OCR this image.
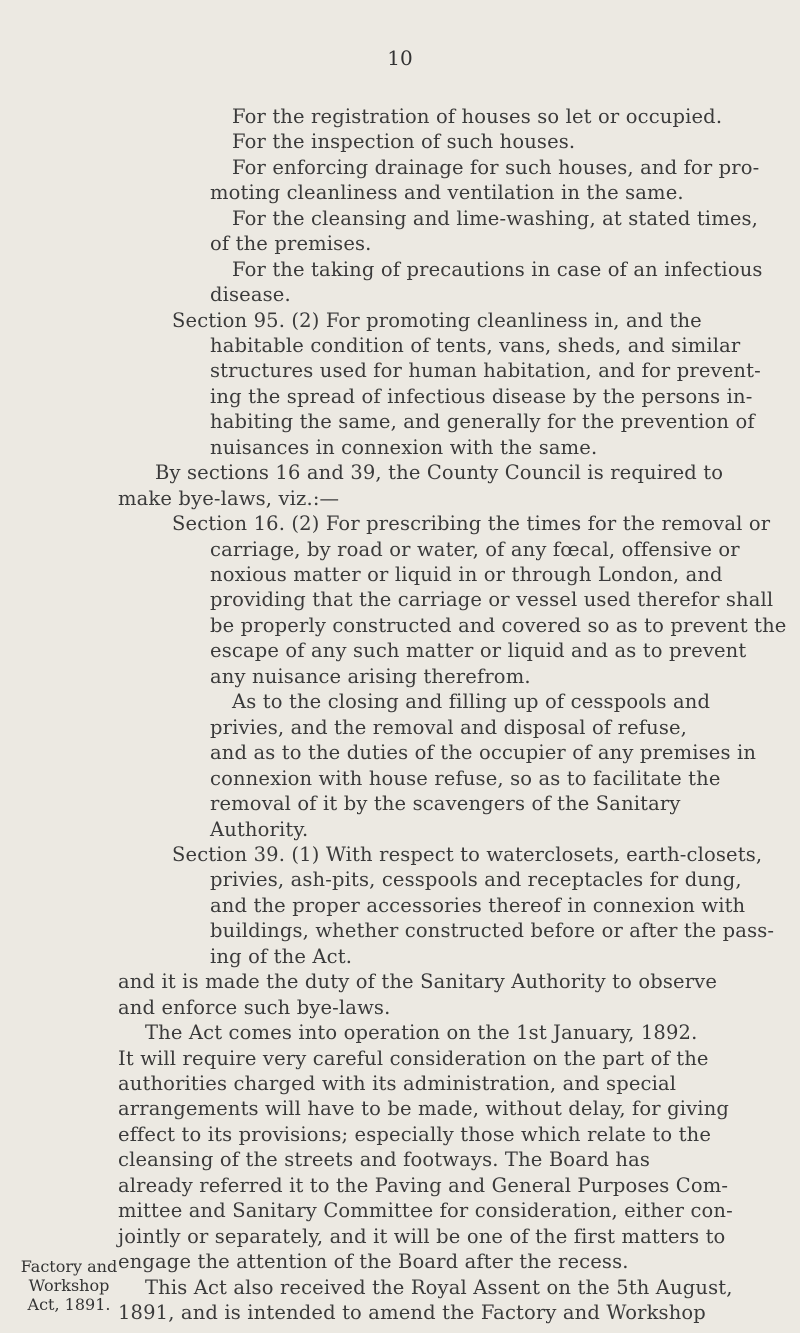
10
For the registration of houses so let or occupied.
For the inspection of such houses.
For enforcing drainage for such houses, and for pro-
moting cleanliness and ventilation in the same.
For the cleansing and lime-washing, at stated times,
of the premises.
For the taking of precautions in case of an infectious
disease.
Section 95. (2) For promoting cleanliness in, and the
habitable condition of tents, vans, sheds, and similar
structures used for human habitation, and for prevent-
ing the spread of infectious disease by the persons in-
habiting the same, and generally for the prevention of
nuisances in connexion with the same.
By sections 16 and 39, the County Council is required to
make bye-laws, viz.:—
Section 16. (2) For prescribing the times for the removal or
carriage, by road or water, of any fœcal, offensive or
noxious matter or liquid in or through London, and
providing that the carriage or vessel used therefor shall
be properly constructed and covered so as to prevent the
escape of any such matter or liquid and as to prevent
any nuisance arising therefrom.
As to the closing and filling up of cesspools and
privies, and the removal and disposal of refuse,
and as to the duties of the occupier of any premises in
connexion with house refuse, so as to facilitate the
removal of it by the scavengers of the Sanitary
Authority.
Section 39. (1) With respect to waterclosets, earth-closets,
privies, ash-pits, cesspools and receptacles for dung,
and the proper accessories thereof in connexion with
buildings, whether constructed before or after the pass-
ing of the Act.
and it is made the duty of the Sanitary Authority to observe
and enforce such bye-laws.
The Act comes into operation on the 1st January, 1892.
It will require very careful consideration on the part of the
authorities charged with its administration, and special
arrangements will have to be made, without delay, for giving
effect to its provisions; especially those which relate to the
cleansing of the streets and footways. The Board has
already referred it to the Paving and General Purposes Com-
mittee and Sanitary Committee for consideration, either con-
jointly or separately, and it will be one of the first matters to
engage the attention of the Board after the recess.
This Act also received the Royal Assent on the 5th August,
1891, and is intended to amend the Factory and Workshop
Factory and
Workshop
Act, 1891.
